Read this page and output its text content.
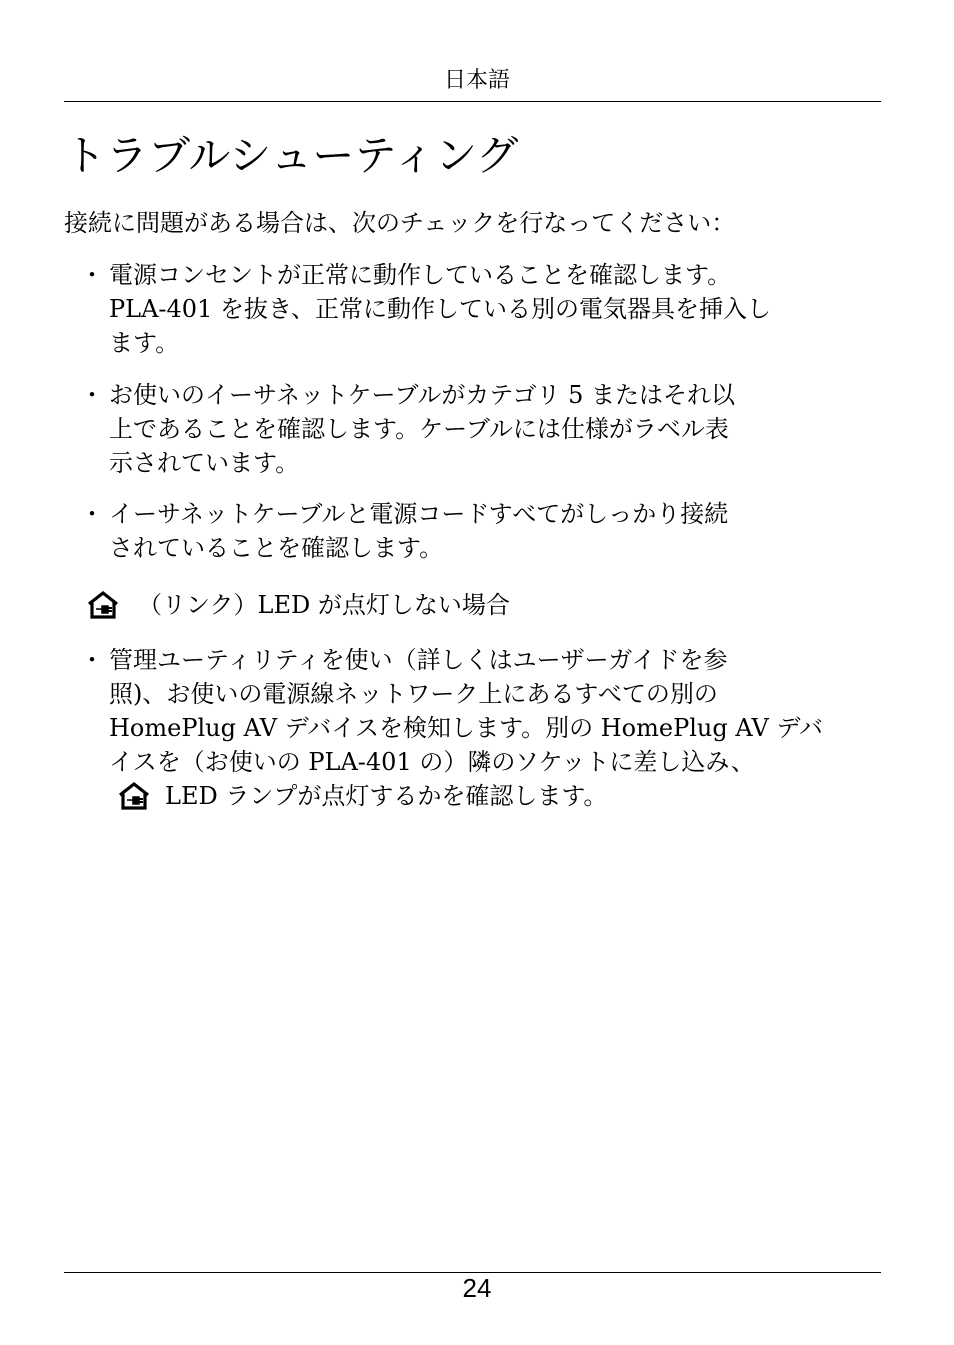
日本語
トラブルシューティング
接続に問題がある場合は、次のチェックを行なってください：
・ 電源コンセントが正常に動作していることを確認します。
PLA-401 を抜き、正常に動作している別の電気器具を挿入し
ます。
・ お使いのイーサネットケーブルがカテゴリ 5 またはそれ以
上であることを確認します。ケーブルには仕様がラベル表
示されています。
・ イーサネットケーブルと電源コードすべてがしっかり接続
されていることを確認します。
（リンク）LED が点灯しない場合
・ 管理ユーティリティを使い（詳しくはユーザーガイドを参
照)、お使いの電源線ネットワーク上にあるすべての別の
HomePlug AV デバイスを検知します。別の HomePlug AV デバ
イスを（お使いの PLA-401 の）隣のソケットに差し込み、
LED ランプが点灯するかを確認します。
24
